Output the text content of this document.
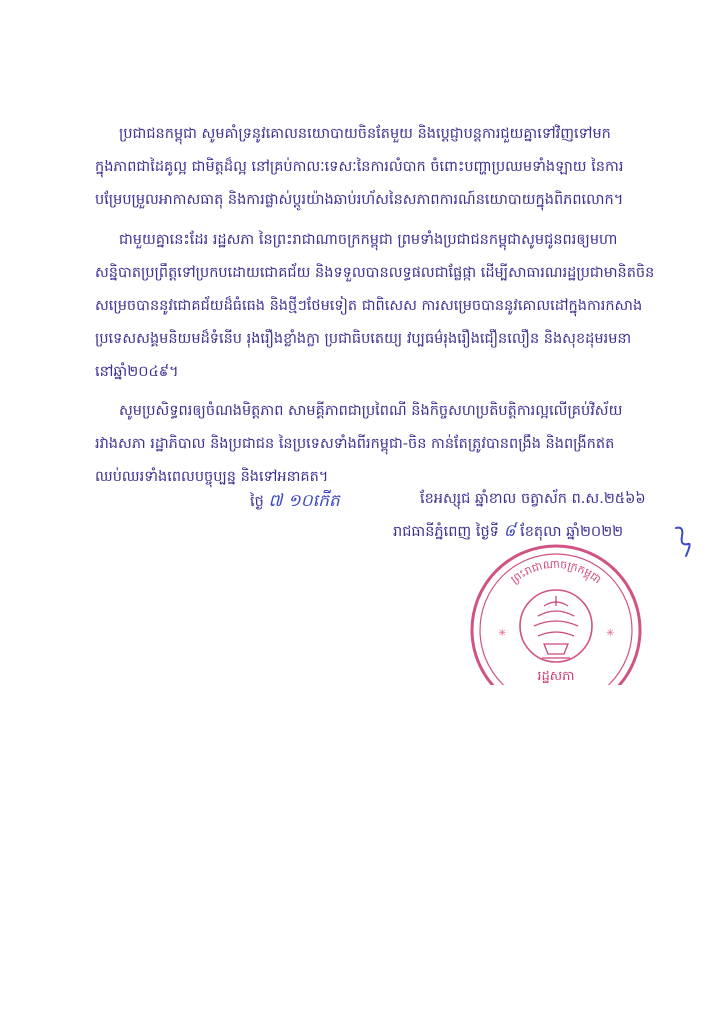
ប្រជាជនកម្ពុជា សូមគាំទ្រនូវគោលនយោបាយចិនតែមួយ និងប្តេជ្ញាបន្តការជួយគ្នាទៅវិញទៅមក
ក្នុងភាពជាដៃគូល្អ ជាមិត្តដ៏ល្អ នៅគ្រប់កាលៈទេសៈនៃការលំបាក ចំពោះបញ្ហាប្រឈមទាំងឡាយ នៃការ
បម្រែបម្រួលអាកាសធាតុ និងការផ្លាស់ប្តូរយ៉ាងឆាប់រហ័សនៃសភាពការណ៍នយោបាយក្នុងពិភពលោក។

ជាមួយគ្នានេះដែរ រដ្ឋសភា នៃព្រះរាជាណាចក្រកម្ពុជា ព្រមទាំងប្រជាជនកម្ពុជាសូមជូនពរឲ្យមហា
សន្និបាតប្រព្រឹត្តទៅប្រកបដោយជោគជ័យ និងទទួលបានលទ្ធផលជាផ្លែផ្កា ដើម្បីសាធារណរដ្ឋប្រជាមានិតចិន
សម្រេចបាននូវជោគជ័យដ៏ធំធេង និងថ្មីៗថែមទៀត ជាពិសេស ការសម្រេចបាននូវគោលដៅក្នុងការកសាង
ប្រទេសសង្គមនិយមដ៏ទំនើប រុងរឿងខ្លាំងក្លា ប្រជាធិបតេយ្យ វប្បធម៌រុងរឿងជឿនលឿន និងសុខដុមរមនា
នៅឆ្នាំ២០៤៩។

សូមប្រសិទ្ធពរឲ្យចំណងមិត្តភាព សាមគ្គីភាពជាប្រពៃណី និងកិច្ចសហប្រតិបត្តិការល្អលើគ្រប់វិស័យ
រវាងសភា រដ្ឋាភិបាល និងប្រជាជន នៃប្រទេសទាំងពីរកម្ពុជា-ចិន កាន់តែត្រូវបានពង្រឹង និងពង្រីកឥត
ឈប់ឈរទាំងពេលបច្ចុប្បន្ន និងទៅអនាគត។

ថ្ងៃ ៧ ១០កើត	ខែអស្សុជ ឆ្នាំខាល ចត្វាស័ក ព.ស.២៥៦៦
រាជធានីភ្នំពេញ ថ្ងៃទី ៨ ខែតុលា ឆ្នាំ២០២២
ព្រះរាជាណាចក្រកម្ពុជា
✳	✳
រដ្ឋសភា
